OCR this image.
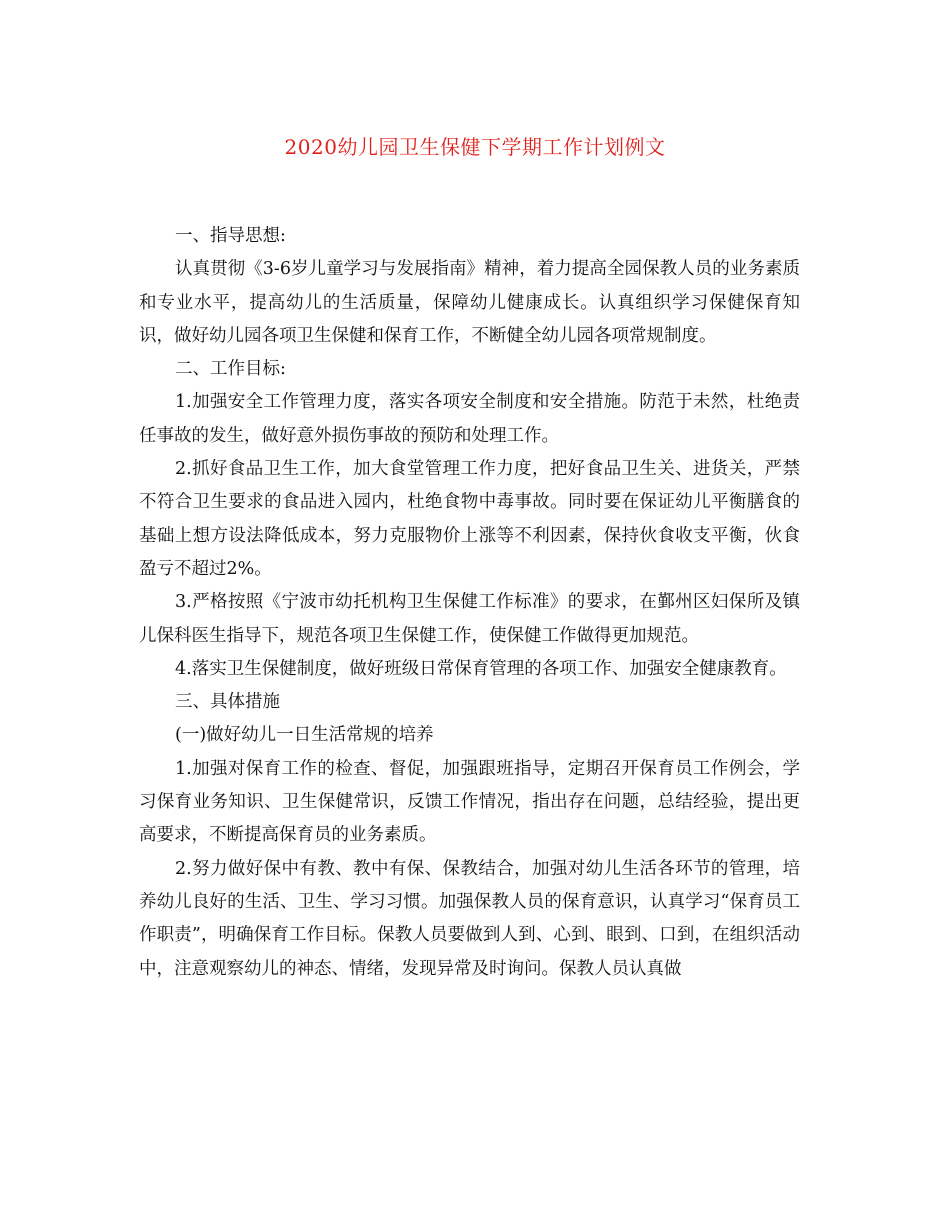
2020幼儿园卫生保健下学期工作计划例文

一、指导思想:

认真贯彻《3-6岁儿童学习与发展指南》精神，着力提高全园保教人员的业务素质和专业水平，提高幼儿的生活质量，保障幼儿健康成长。认真组织学习保健保育知识，做好幼儿园各项卫生保健和保育工作，不断健全幼儿园各项常规制度。

二、工作目标:

1.加强安全工作管理力度，落实各项安全制度和安全措施。防范于未然，杜绝责任事故的发生，做好意外损伤事故的预防和处理工作。

2.抓好食品卫生工作，加大食堂管理工作力度，把好食品卫生关、进货关，严禁不符合卫生要求的食品进入园内，杜绝食物中毒事故。同时要在保证幼儿平衡膳食的基础上想方设法降低成本，努力克服物价上涨等不利因素，保持伙食收支平衡，伙食盈亏不超过2%。

3.严格按照《宁波市幼托机构卫生保健工作标准》的要求，在鄞州区妇保所及镇儿保科医生指导下，规范各项卫生保健工作，使保健工作做得更加规范。

4.落实卫生保健制度，做好班级日常保育管理的各项工作、加强安全健康教育。

三、具体措施

(一)做好幼儿一日生活常规的培养

1.加强对保育工作的检查、督促，加强跟班指导，定期召开保育员工作例会，学习保育业务知识、卫生保健常识，反馈工作情况，指出存在问题，总结经验，提出更高要求，不断提高保育员的业务素质。

2.努力做好保中有教、教中有保、保教结合，加强对幼儿生活各环节的管理，培养幼儿良好的生活、卫生、学习习惯。加强保教人员的保育意识，认真学习“保育员工作职责”，明确保育工作目标。保教人员要做到人到、心到、眼到、口到，在组织活动中，注意观察幼儿的神态、情绪，发现异常及时询问。保教人员认真做
